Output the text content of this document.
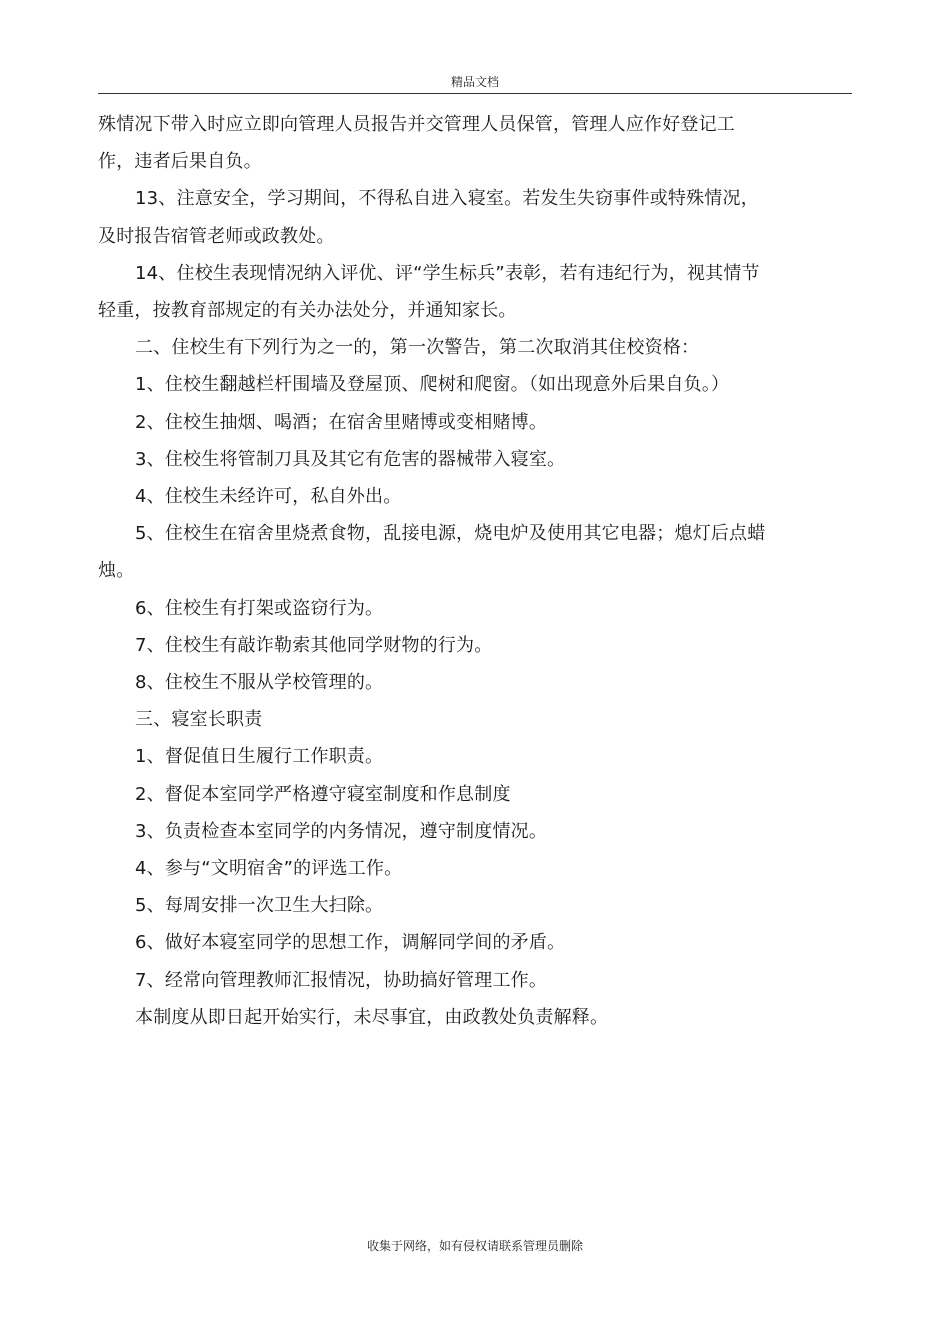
精品文档

殊情况下带入时应立即向管理人员报告并交管理人员保管，管理人应作好登记工

作，违者后果自负。

13、注意安全，学习期间，不得私自进入寝室。若发生失窃事件或特殊情况，

及时报告宿管老师或政教处。

14、住校生表现情况纳入评优、评“学生标兵”表彰，若有违纪行为，视其情节

轻重，按教育部规定的有关办法处分，并通知家长。

二、住校生有下列行为之一的，第一次警告，第二次取消其住校资格：

1、住校生翻越栏杆围墙及登屋顶、爬树和爬窗。（如出现意外后果自负。）

2、住校生抽烟、喝酒；在宿舍里赌博或变相赌博。

3、住校生将管制刀具及其它有危害的器械带入寝室。

4、住校生未经许可，私自外出。

5、住校生在宿舍里烧煮食物，乱接电源，烧电炉及使用其它电器；熄灯后点蜡

烛。

6、住校生有打架或盗窃行为。

7、住校生有敲诈勒索其他同学财物的行为。

8、住校生不服从学校管理的。

三、寝室长职责

1、督促值日生履行工作职责。

2、督促本室同学严格遵守寝室制度和作息制度

3、负责检查本室同学的内务情况，遵守制度情况。

4、参与“文明宿舍”的评选工作。

5、每周安排一次卫生大扫除。

6、做好本寝室同学的思想工作，调解同学间的矛盾。

7、经常向管理教师汇报情况，协助搞好管理工作。

本制度从即日起开始实行，未尽事宜，由政教处负责解释。

收集于网络，如有侵权请联系管理员删除
